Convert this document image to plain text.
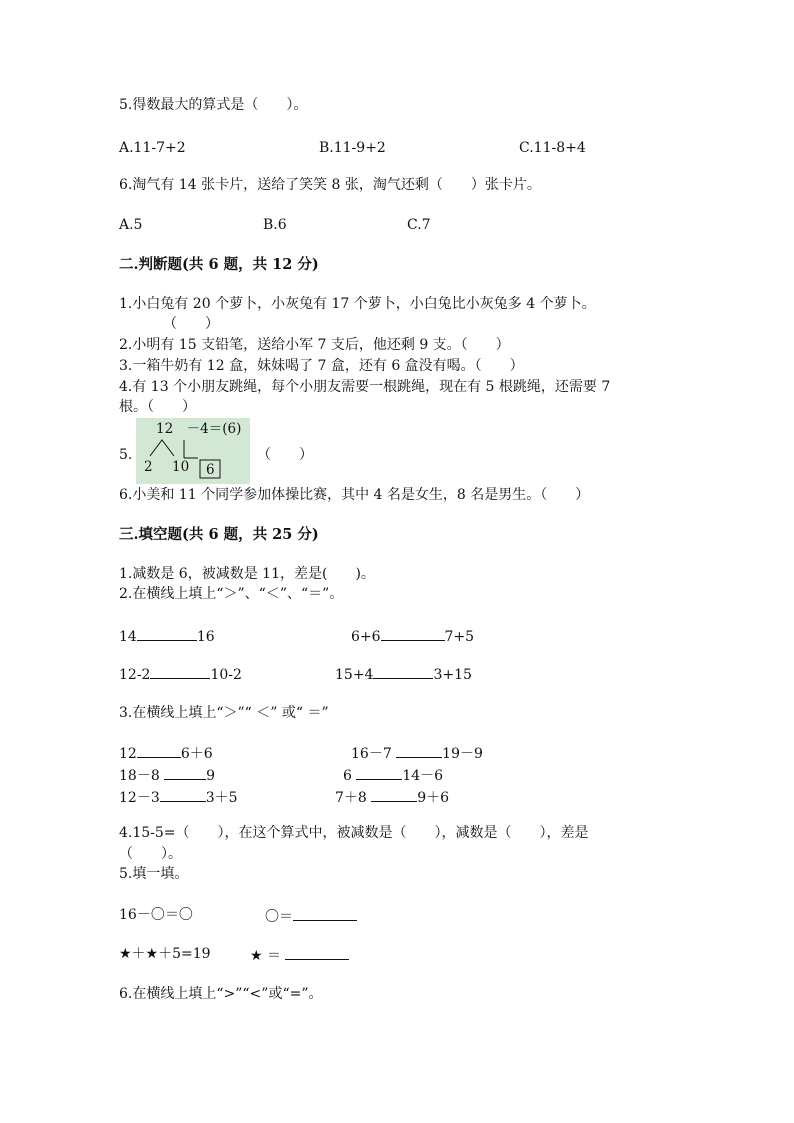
5.得数最大的算式是（　　）。
A.11-7+2	B.11-9+2	C.11-8+4
6.淘气有 14 张卡片，送给了笑笑 8 张，淘气还剩（　　）张卡片。
A.5	B.6	C.7
二.判断题(共 6 题，共 12 分)
1.小白兔有 20 个萝卜，小灰兔有 17 个萝卜，小白兔比小灰兔多 4 个萝卜。
（　　）
2.小明有 15 支铅笔，送给小军 7 支后，他还剩 9 支。（　　）
3.一箱牛奶有 12 盒，妹妹喝了 7 盒，还有 6 盒没有喝。（　　）
4.有 13 个小朋友跳绳，每个小朋友需要一根跳绳，现在有 5 根跳绳，还需要 7
根。（　　）
5.
12　－4＝(6)
2 10 6
（　　）
6.小美和 11 个同学参加体操比赛，其中 4 名是女生，8 名是男生。（　　）
三.填空题(共 6 题，共 25 分)
1.减数是 6，被减数是 11，差是(　　)。
2.在横线上填上“＞”、“＜”、“＝”。
14	16	6+6	7+5
12-2	10-2	15+4	3+15
3.在横线上填上“＞”“ ＜” 或“ ＝”
12	6＋6	16－7	19－9
18－8	9	6	14－6
12－3	3＋5	7＋8	9＋6
4.15-5=（　　），在这个算式中，被减数是（　　），减数是（　　），差是
（　　）。
5.填一填。
16－〇＝〇	〇＝
★＋★＋5=19	★ ＝
6.在横线上填上“>”“<”或“=”。
